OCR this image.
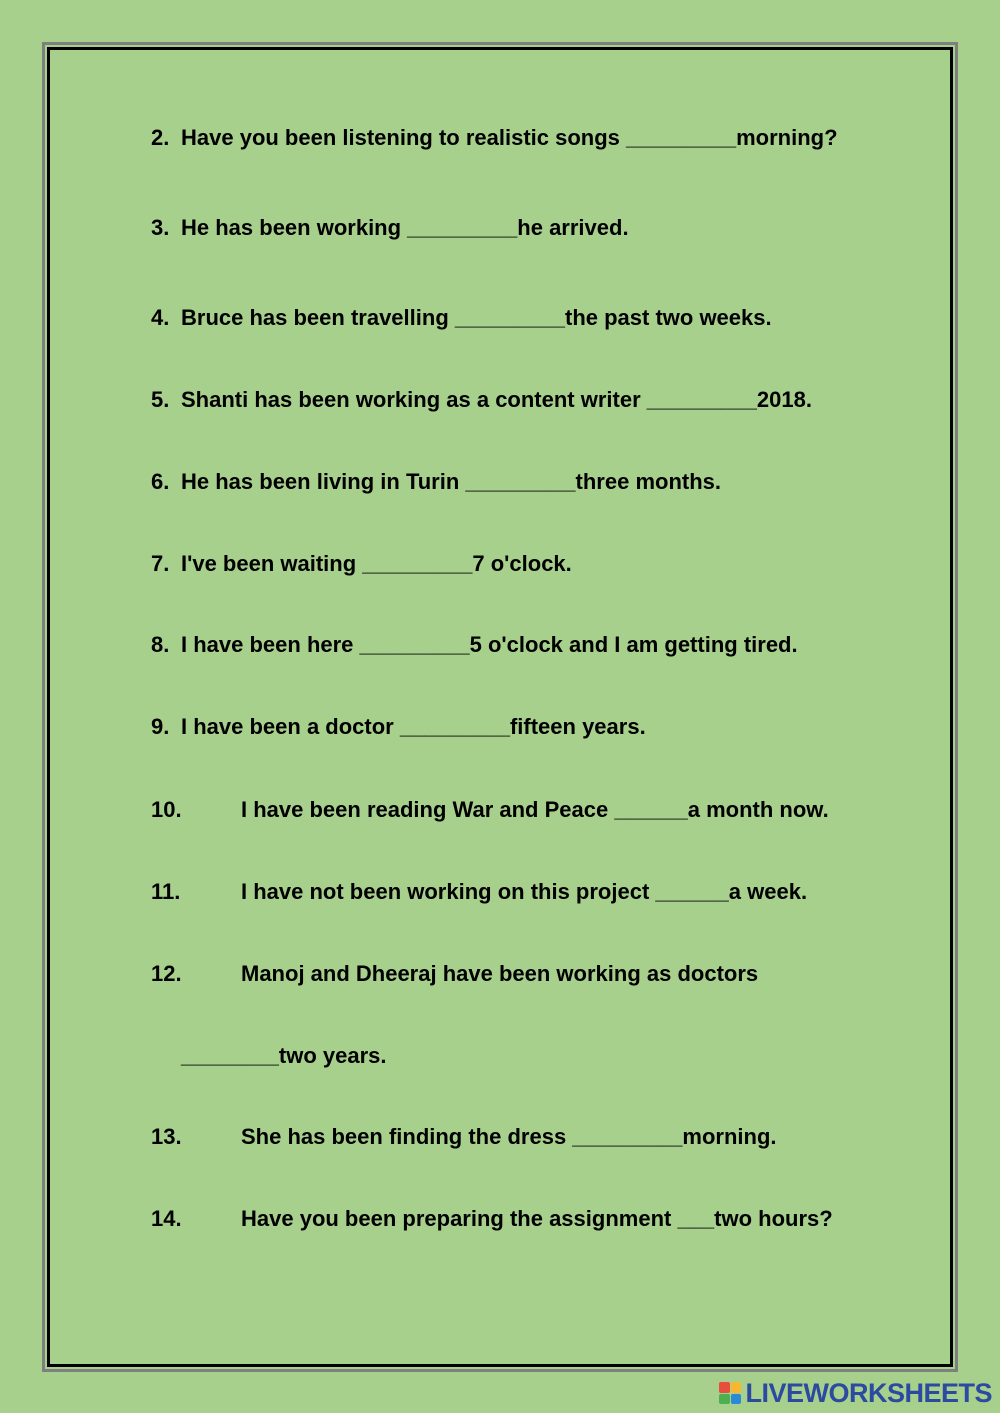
2. Have you been listening to realistic songs _________morning?
3. He has been working _________he arrived.
4. Bruce has been travelling _________the past two weeks.
5. Shanti has been working as a content writer _________2018.
6. He has been living in Turin _________three months.
7. I've been waiting _________7 o'clock.
8. I have been here _________5 o'clock and I am getting tired.
9. I have been a doctor _________fifteen years.
10.	I have been reading War and Peace ______a month now.
11.	I have not been working on this project ______a week.
12.	Manoj and Dheeraj have been working as doctors
________two years.
13.	She has been finding the dress _________morning.
14.	Have you been preparing the assignment ___two hours?
LIVEWORKSHEETS
